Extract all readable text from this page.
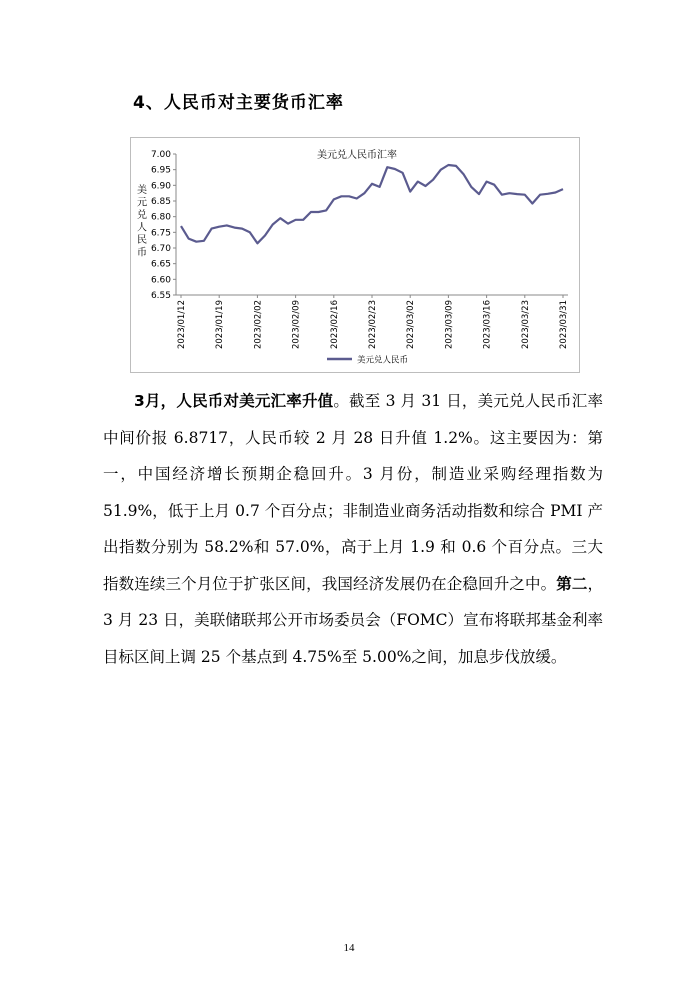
4、人民币对主要货币汇率
美元兑人民币汇率
美元兑人民币
7.00
6.95
6.90
6.85
6.80
6.75
6.70
6.65
6.60
6.55
2023/01/12	2023/01/19	2023/02/02	2023/02/09	2023/02/16	2023/02/23	2023/03/02	2023/03/09	2023/03/16	2023/03/23	2023/03/31
美元兑人民币

3月，人民币对美元汇率升值。截至 3 月 31 日，美元兑人民币汇率中间价报 6.8717，人民币较 2 月 28 日升值 1.2%。这主要因为：第一，中国经济增长预期企稳回升。3 月份，制造业采购经理指数为 51.9%，低于上月 0.7 个百分点；非制造业商务活动指数和综合 PMI 产出指数分别为 58.2%和 57.0%，高于上月 1.9 和 0.6 个百分点。三大指数连续三个月位于扩张区间，我国经济发展仍在企稳回升之中。第二，3 月 23 日，美联储联邦公开市场委员会（FOMC）宣布将联邦基金利率目标区间上调 25 个基点到 4.75%至 5.00%之间，加息步伐放缓。

14
